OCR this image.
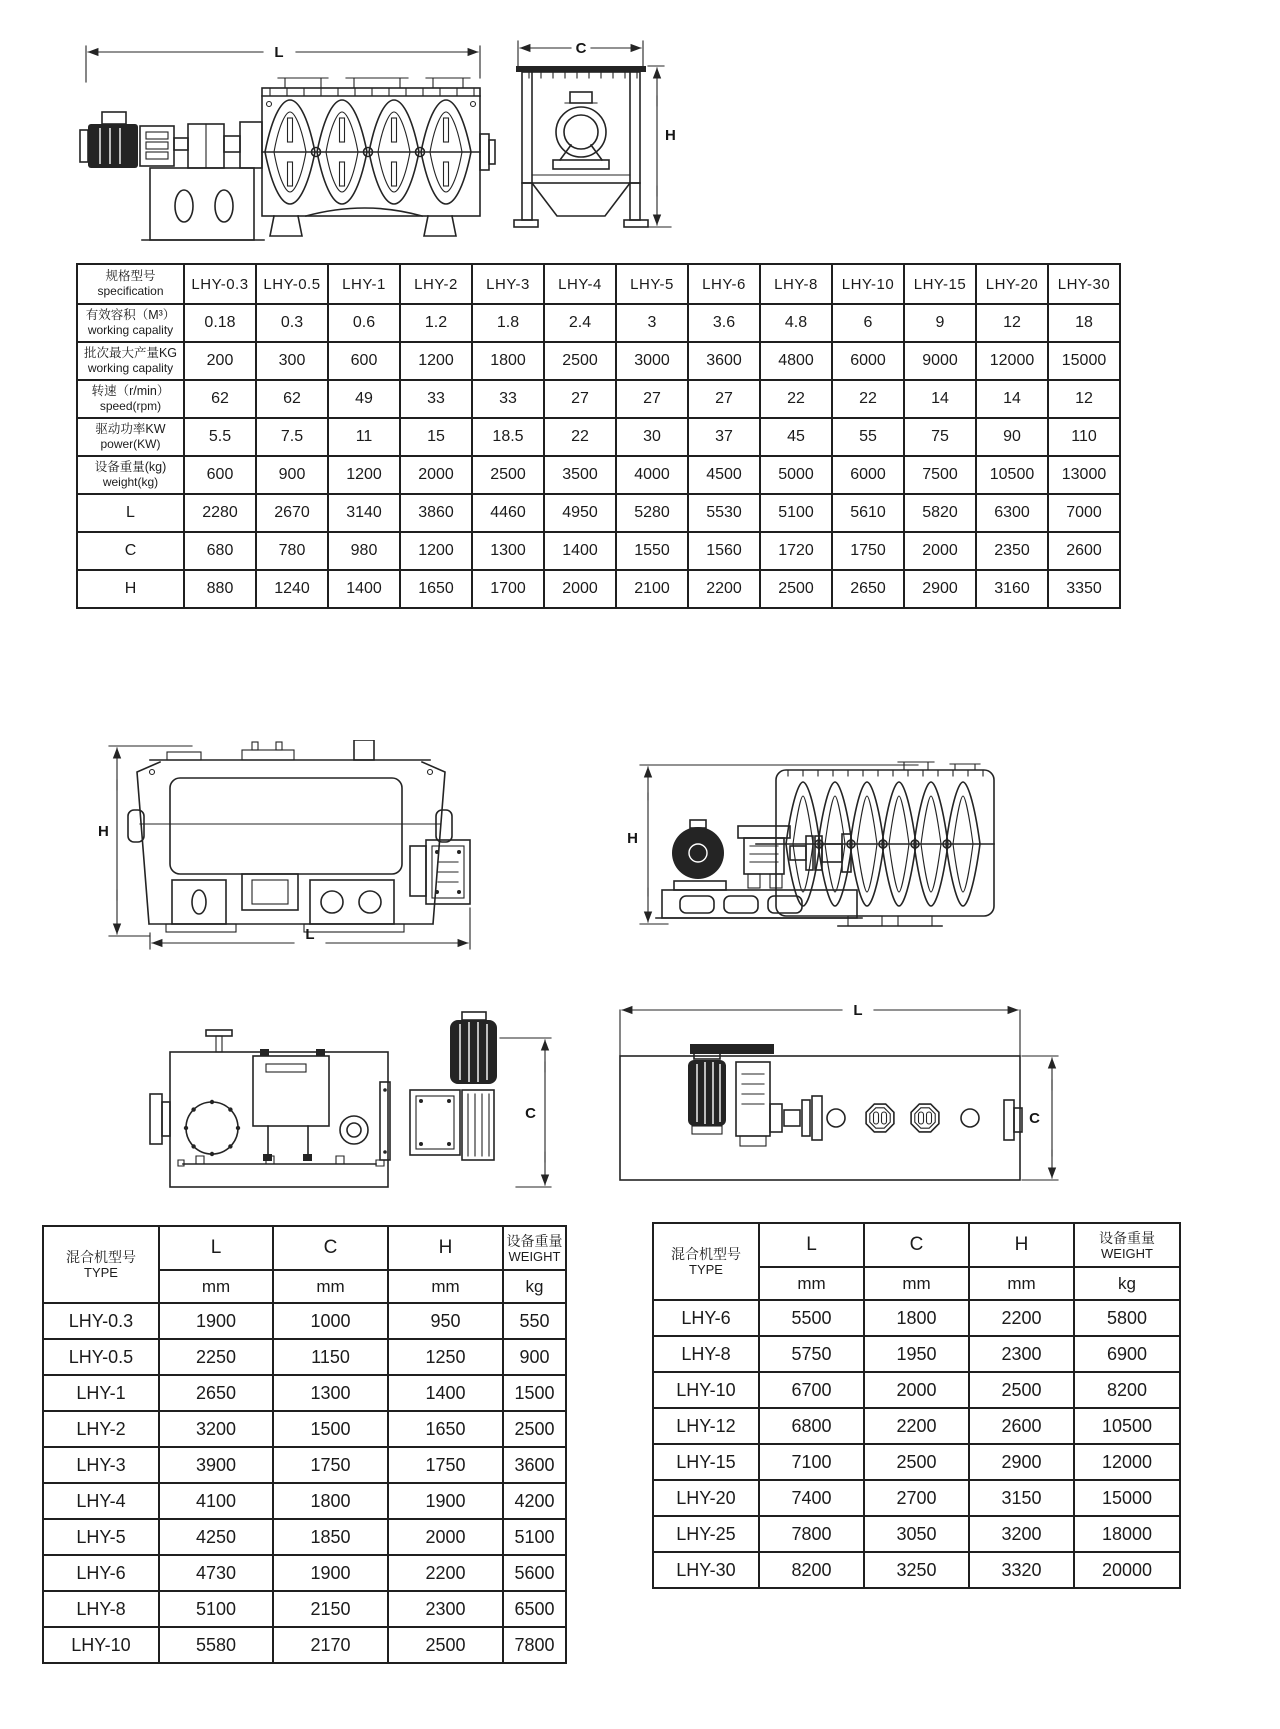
L	C
H
规格型号
specification	LHY-0.3	LHY-0.5	LHY-1	LHY-2	LHY-3	LHY-4	LHY-5	LHY-6	LHY-8	LHY-10	LHY-15	LHY-20	LHY-30

有效容积（M³）
working capality	0.18	0.3	0.6	1.2	1.8	2.4	3	3.6	4.8	6	9	12	18

批次最大产量KG
working capality	200	300	600	1200	1800	2500	3000	3600	4800	6000	9000	12000	15000

转速（r/min）
speed(rpm)	62	62	49	33	33	27	27	27	22	22	14	14	12

驱动功率KW
power(KW)	5.5	7.5	11	15	18.5	22	30	37	45	55	75	90	110

设备重量(kg)
weight(kg)	600	900	1200	2000	2500	3500	4000	4500	5000	6000	7500	10500	13000
L	2280	2670	3140	3860	4460	4950	5280	5530	5100	5610	5820	6300	7000
C	680	780	980	1200	1300	1400	1550	1560	1720	1750	2000	2350	2600
H	880	1240	1400	1650	1700	2000	2100	2200	2500	2650	2900	3160	3350
H
L
H
C
L
C
混合机型号
TYPE
	L	C	H	设备重量
WEIGHT

	mm	mm	mm	kg
LHY-0.3	1900	1000	950	550
LHY-0.5	2250	1150	1250	900
LHY-1	2650	1300	1400	1500
LHY-2	3200	1500	1650	2500
LHY-3	3900	1750	1750	3600
LHY-4	4100	1800	1900	4200
LHY-5	4250	1850	2000	5100
LHY-6	4730	1900	2200	5600
LHY-8	5100	2150	2300	6500
LHY-10	5580	2170	2500	7800
混合机型号
TYPE
	L	C	H	设备重量
WEIGHT

	mm	mm	mm	kg
LHY-6	5500	1800	2200	5800
LHY-8	5750	1950	2300	6900
LHY-10	6700	2000	2500	8200
LHY-12	6800	2200	2600	10500
LHY-15	7100	2500	2900	12000
LHY-20	7400	2700	3150	15000
LHY-25	7800	3050	3200	18000
LHY-30	8200	3250	3320	20000
